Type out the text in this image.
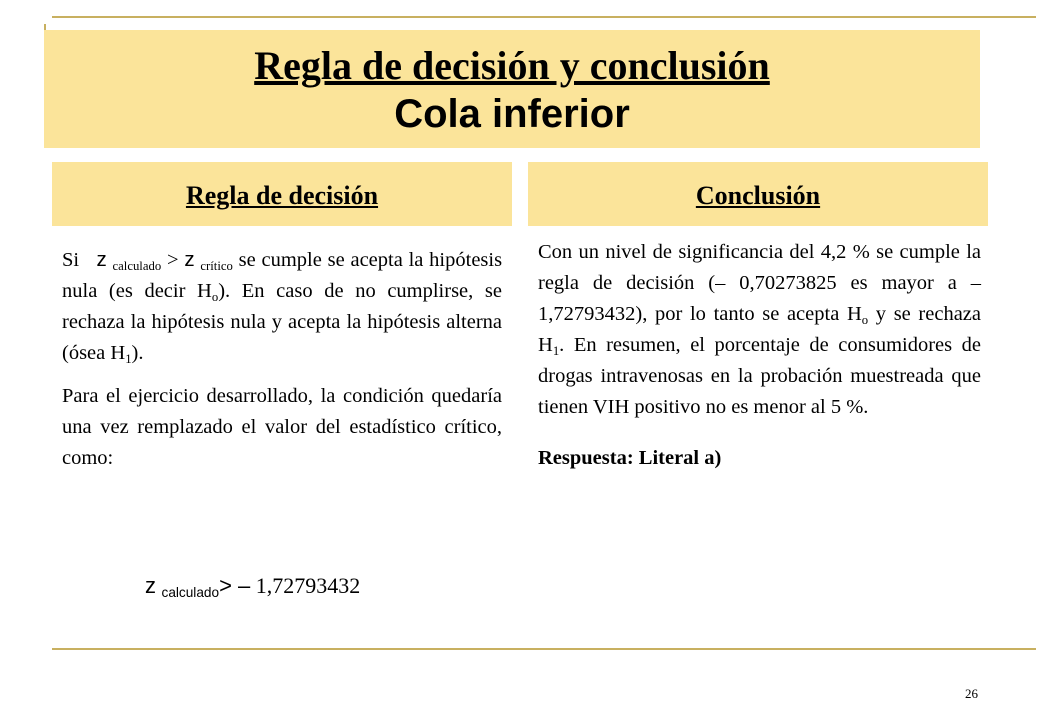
Regla de decisión y conclusión
Cola inferior
Regla de decisión	Conclusión

Si z $_{calculado}$ > z $_{crítico}$ se cumple se acepta la hipótesis nula (es decir $H_o$). En caso de no cumplirse, se rechaza la hipótesis nula y acepta la hipótesis alterna (ósea $H_1$).

Para el ejercicio desarrollado, la condición quedaría una vez remplazado el valor del estadístico crítico, como:

z $_{calculado}$> – 1,72793432

Con un nivel de significancia del 4,2 % se cumple la regla de decisión (– 0,70273825 es mayor a – 1,72793432), por lo tanto se acepta $H_o$ y se rechaza $H_1$. En resumen, el porcentaje de consumidores de drogas intravenosas en la probación muestreada que tienen VIH positivo no es menor al 5 %.

Respuesta: Literal a)

26
